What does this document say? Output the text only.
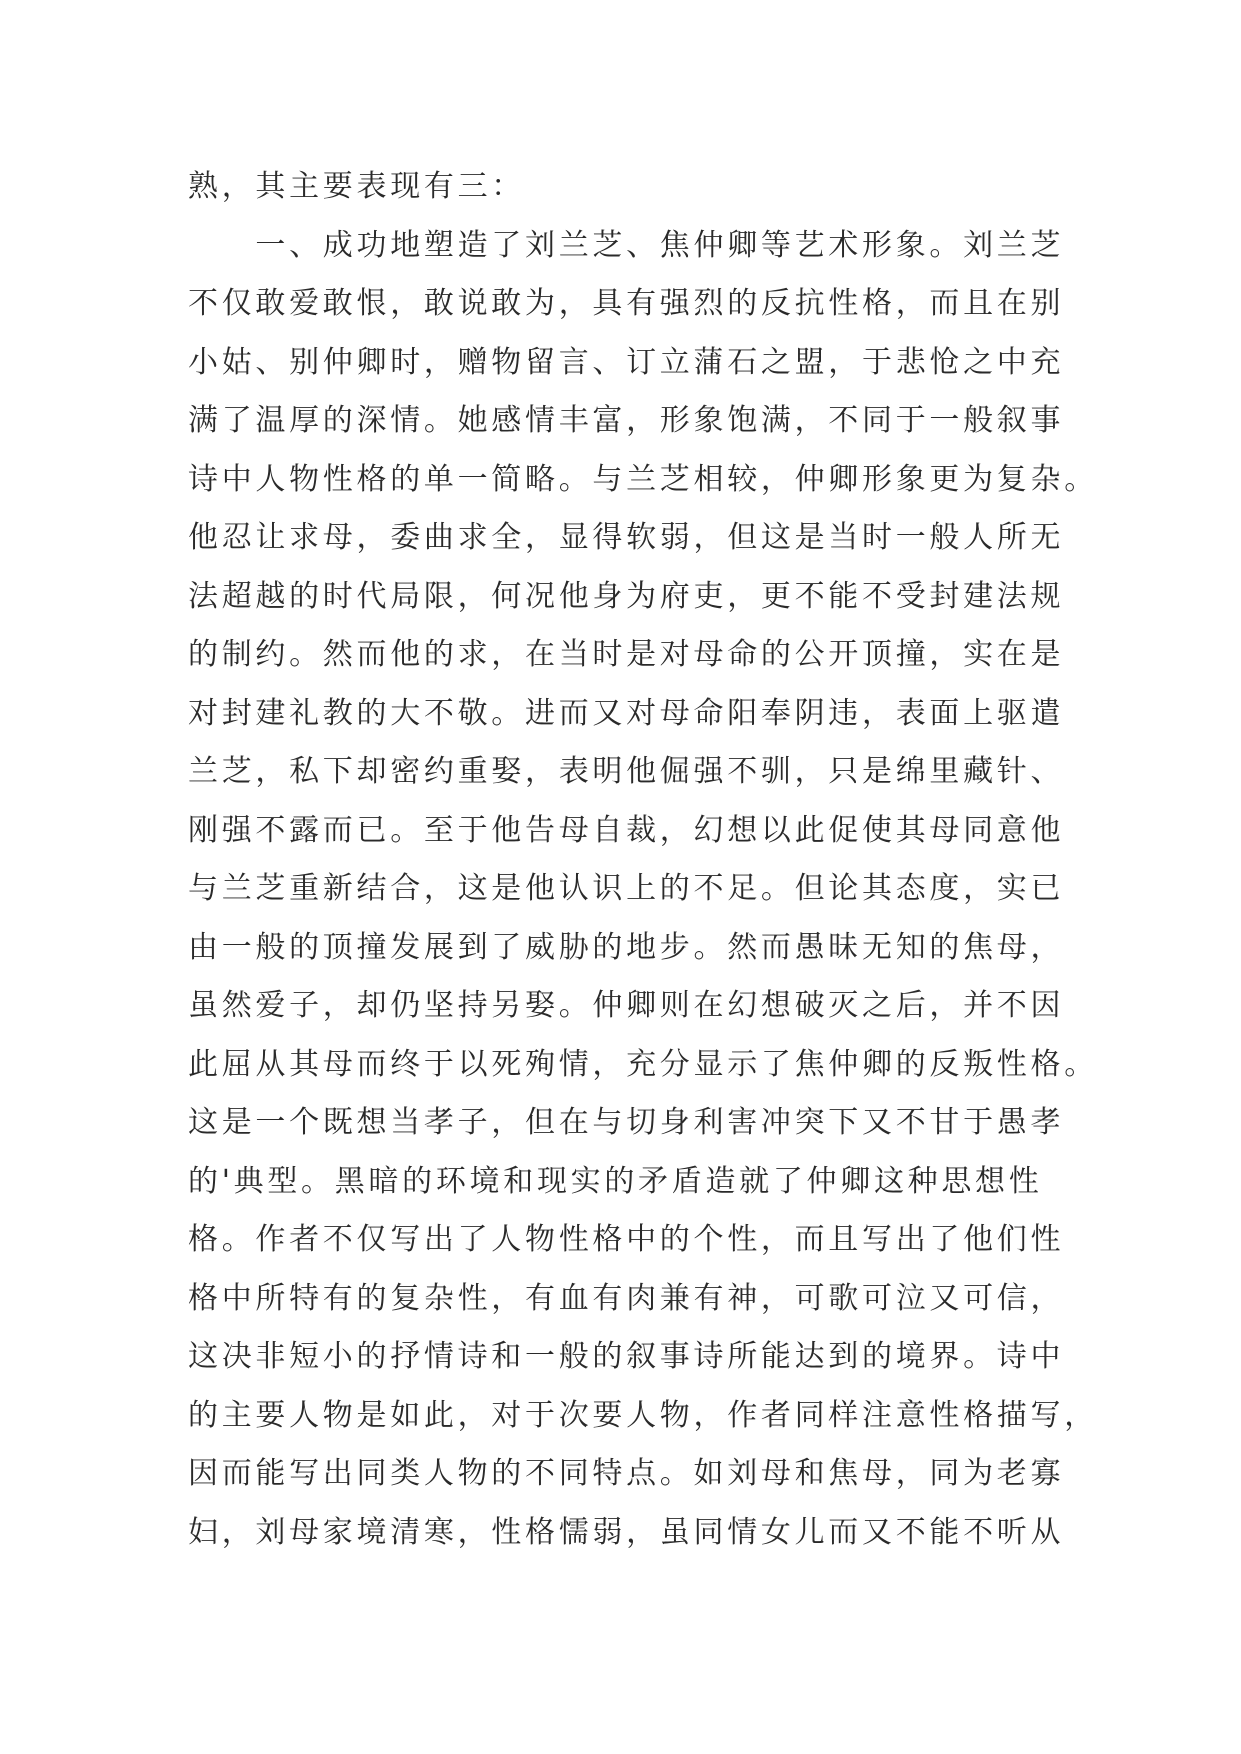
熟，其主要表现有三：
　　一、成功地塑造了刘兰芝、焦仲卿等艺术形象。刘兰芝
不仅敢爱敢恨，敢说敢为，具有强烈的反抗性格，而且在别
小姑、别仲卿时，赠物留言、订立蒲石之盟，于悲怆之中充
满了温厚的深情。她感情丰富，形象饱满，不同于一般叙事
诗中人物性格的单一简略。与兰芝相较，仲卿形象更为复杂。
他忍让求母，委曲求全，显得软弱，但这是当时一般人所无
法超越的时代局限，何况他身为府吏，更不能不受封建法规
的制约。然而他的求，在当时是对母命的公开顶撞，实在是
对封建礼教的大不敬。进而又对母命阳奉阴违，表面上驱遣
兰芝，私下却密约重娶，表明他倔强不驯，只是绵里藏针、
刚强不露而已。至于他告母自裁，幻想以此促使其母同意他
与兰芝重新结合，这是他认识上的不足。但论其态度，实已
由一般的顶撞发展到了威胁的地步。然而愚昧无知的焦母，
虽然爱子，却仍坚持另娶。仲卿则在幻想破灭之后，并不因
此屈从其母而终于以死殉情，充分显示了焦仲卿的反叛性格。
这是一个既想当孝子，但在与切身利害冲突下又不甘于愚孝
的'典型。黑暗的环境和现实的矛盾造就了仲卿这种思想性
格。作者不仅写出了人物性格中的个性，而且写出了他们性
格中所特有的复杂性，有血有肉兼有神，可歌可泣又可信，
这决非短小的抒情诗和一般的叙事诗所能达到的境界。诗中
的主要人物是如此，对于次要人物，作者同样注意性格描写，
因而能写出同类人物的不同特点。如刘母和焦母，同为老寡
妇，刘母家境清寒，性格懦弱，虽同情女儿而又不能不听从
